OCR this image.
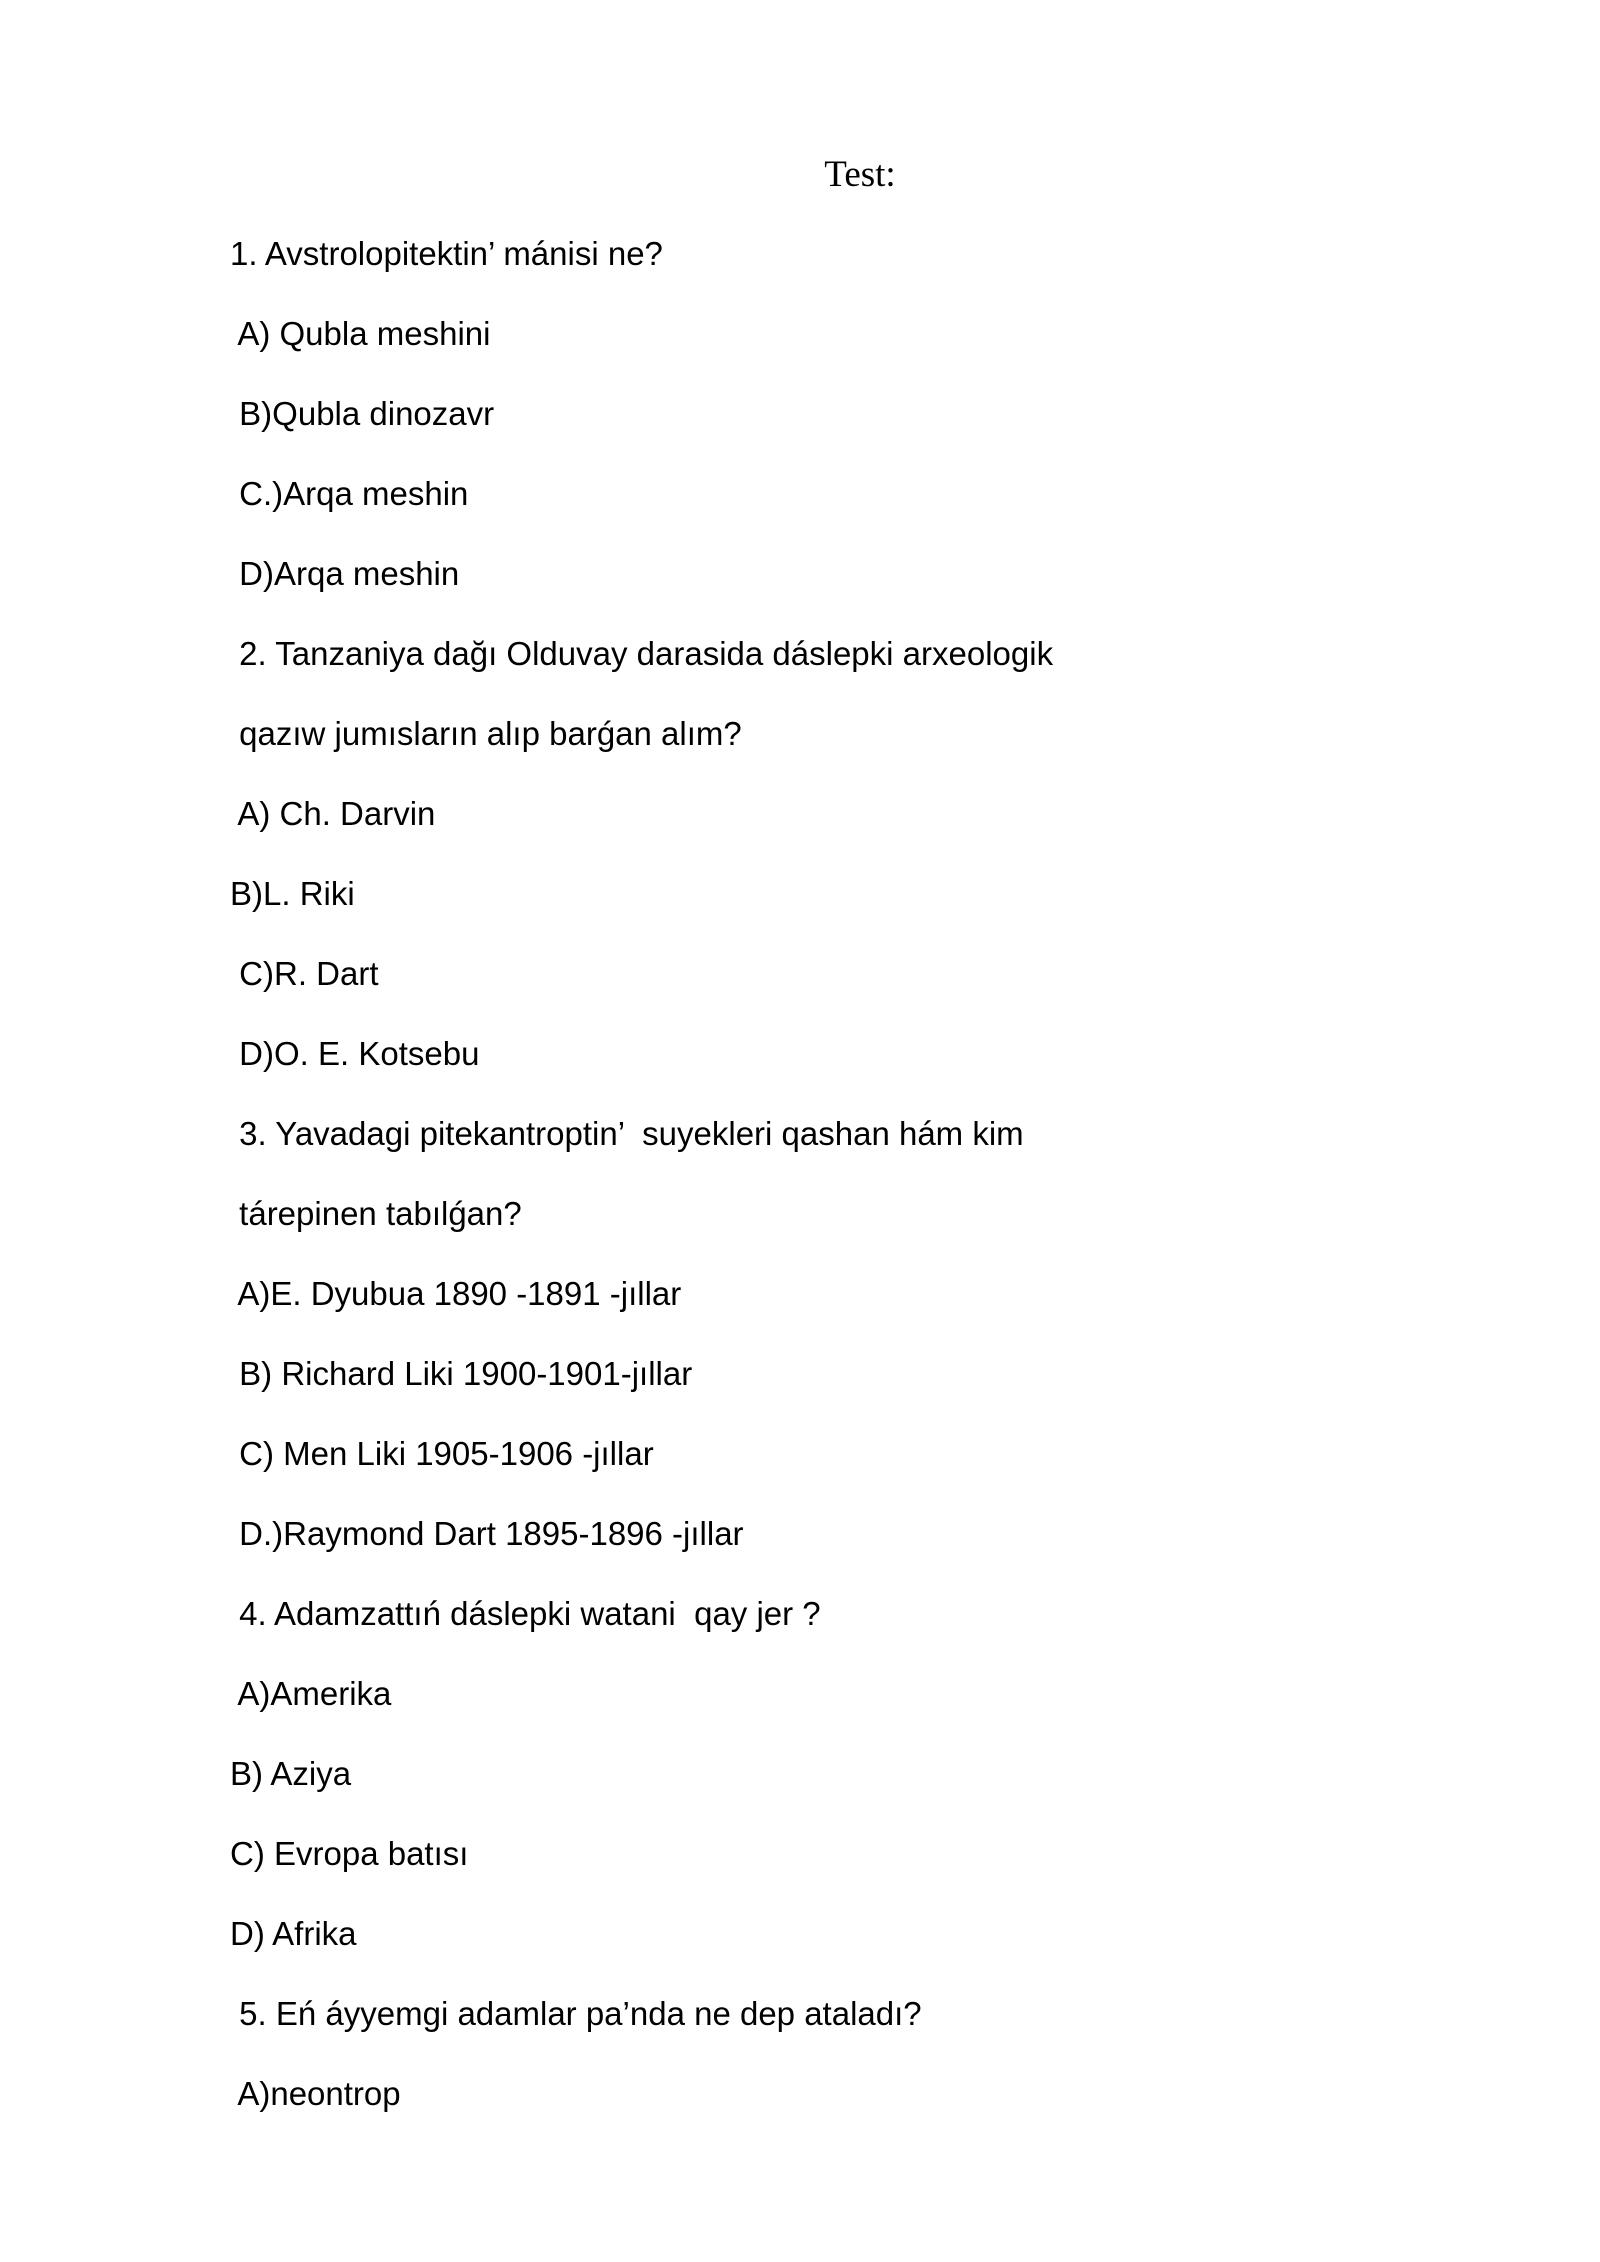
Test:
1. Avstrolopitektin’ mánisi ne?
A) Qubla meshini
B)Qubla dinozavr
C.)Arqa meshin
D)Arqa meshin
2. Tanzaniya dağı Olduvay darasida dáslepki arxeologik
qazıw jumısların alıp barǵan alım?
A) Ch. Darvin
B)L. Riki
C)R. Dart
D)O. E. Kotsebu
3. Yavadagi pitekantroptin’  suyekleri qashan hám kim
tárepinen tabılǵan?
A)E. Dyubua 1890 -1891 -jıllar
B) Richard Liki 1900-1901-jıllar
C) Men Liki 1905-1906 -jıllar
D.)Raymond Dart 1895-1896 -jıllar
4. Adamzattıń dáslepki watani  qay jer ?
A)Amerika
B) Aziya
C) Evropa batısı
D) Afrika
5. Eń áyyemgi adamlar pa’nda ne dep ataladı?
A)neontrop
